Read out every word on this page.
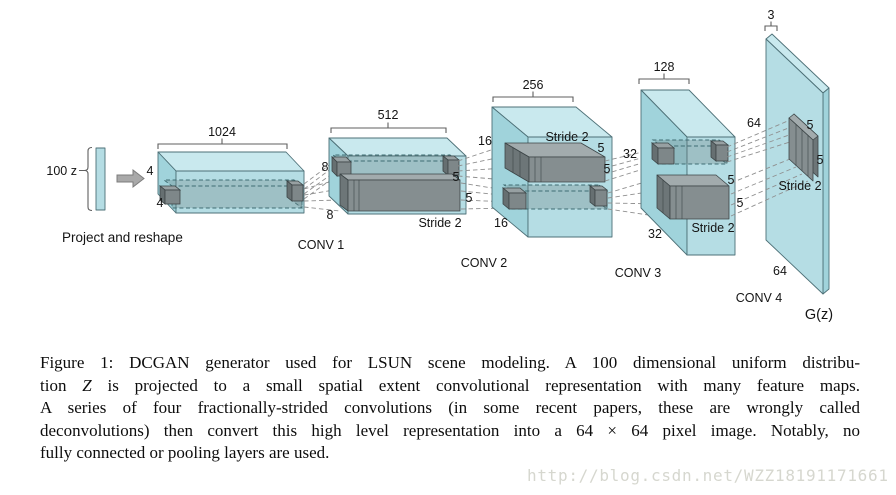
100 z
Project and reshape
1024
4
4
512
8
8
5
5
Stride 2
CONV 1
256
16
16
5
5
Stride 2
CONV 2
128
32
32
5
5
Stride 2
CONV 3
3
64
64
5
5
Stride 2
CONV 4
G(z)
Figure 1: DCGAN generator used for LSUN scene modeling. A 100 dimensional uniform distribu-
tion Z is projected to a small spatial extent convolutional representation with many feature maps.
A series of four fractionally-strided convolutions (in some recent papers, these are wrongly called
deconvolutions) then convert this high level representation into a 64 × 64 pixel image. Notably, no
fully connected or pooling layers are used.
http://blog.csdn.net/WZZ18191171661
